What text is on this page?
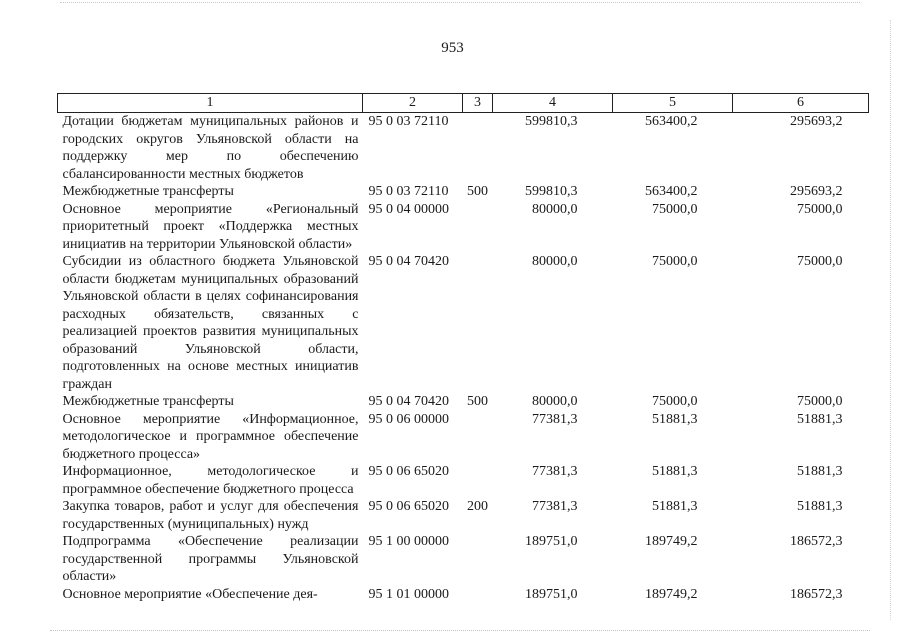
953
1	2	3	4	5	6
Дотации бюджетам муниципальных районов и городских округов Ульяновской области на поддержку мер по обеспечению сбалансированности местных бюджетов	95 0 03 72110		599810,3	563400,2	295693,2
Межбюджетные трансферты	95 0 03 72110	500	599810,3	563400,2	295693,2
Основное мероприятие «Региональный приоритетный проект «Поддержка местных инициатив на территории Ульяновской области»	95 0 04 00000		80000,0	75000,0	75000,0
Субсидии из областного бюджета Ульяновской области бюджетам муниципальных образований Ульяновской области в целях софинансирования расходных обязательств, связанных с реализацией проектов развития муниципальных образований Ульяновской области, подготовленных на основе местных инициатив граждан	95 0 04 70420		80000,0	75000,0	75000,0
Межбюджетные трансферты	95 0 04 70420	500	80000,0	75000,0	75000,0
Основное мероприятие «Информационное, методологическое и программное обеспечение бюджетного процесса»	95 0 06 00000		77381,3	51881,3	51881,3
Информационное, методологическое и программное обеспечение бюджетного процесса	95 0 06 65020		77381,3	51881,3	51881,3
Закупка товаров, работ и услуг для обеспечения государственных (муниципальных) нужд	95 0 06 65020	200	77381,3	51881,3	51881,3
Подпрограмма «Обеспечение реализации государственной программы Ульяновской области»	95 1 00 00000		189751,0	189749,2	186572,3
Основное мероприятие «Обеспечение дея-	95 1 01 00000		189751,0	189749,2	186572,3
